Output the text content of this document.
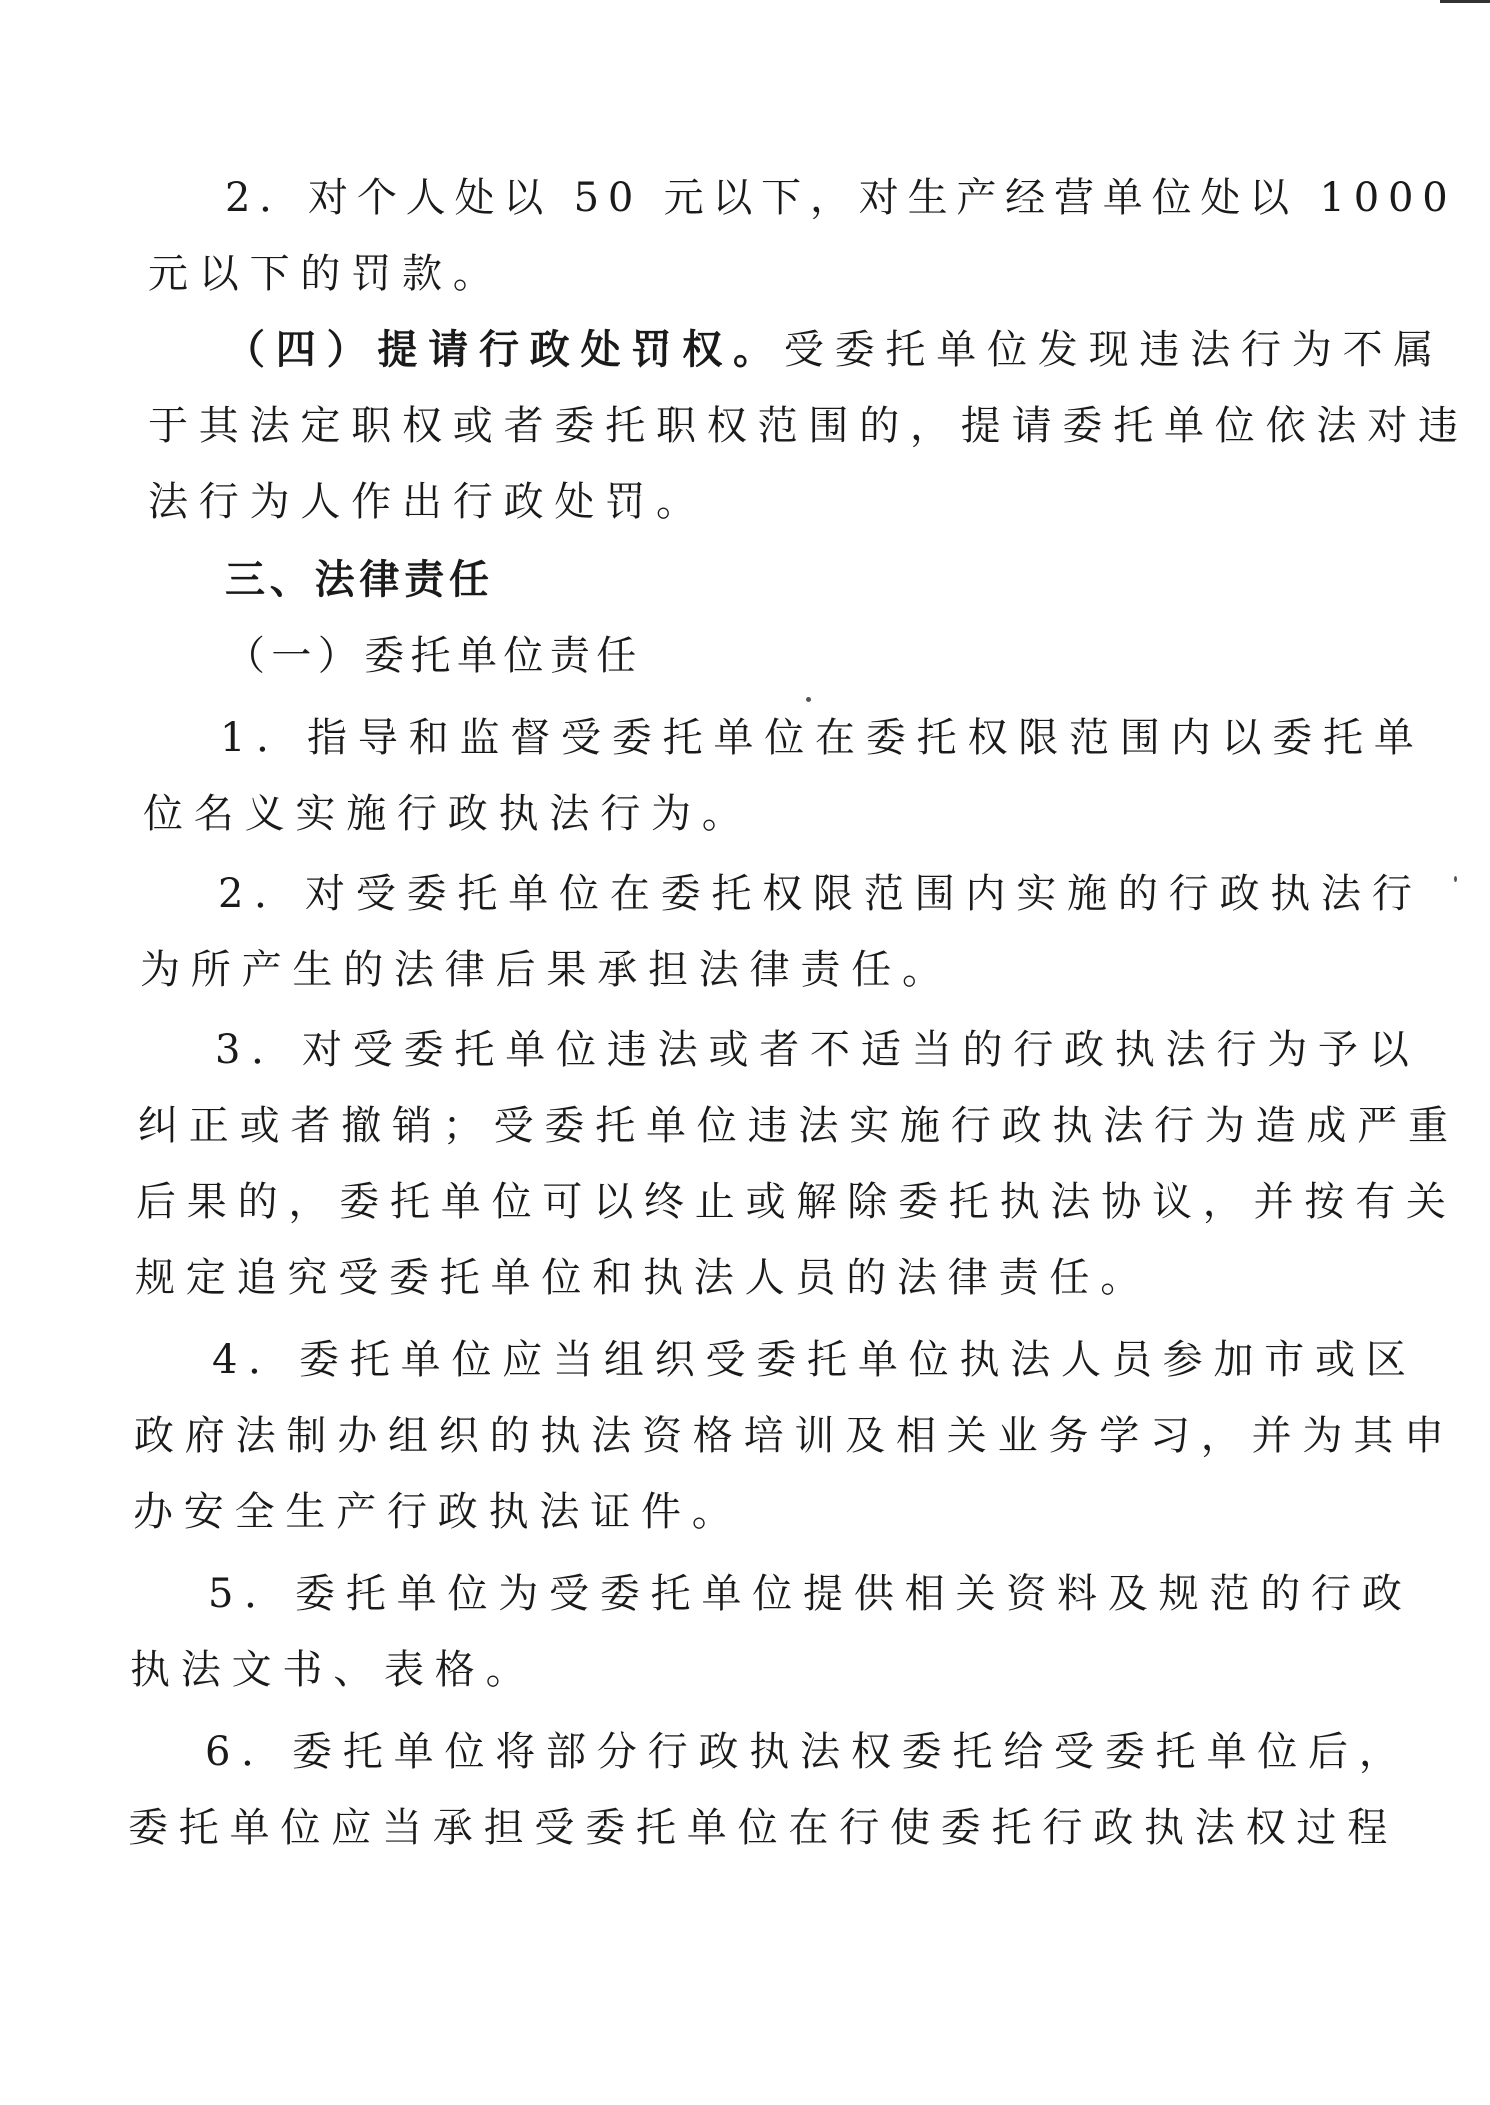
2．对个人处以 50 元以下，对生产经营单位处以 1000
元以下的罚款。
（四）提请行政处罚权。受委托单位发现违法行为不属
于其法定职权或者委托职权范围的，提请委托单位依法对违
法行为人作出行政处罚。
三、法律责任
（一）委托单位责任
1．指导和监督受委托单位在委托权限范围内以委托单
位名义实施行政执法行为。
2．对受委托单位在委托权限范围内实施的行政执法行
为所产生的法律后果承担法律责任。
3．对受委托单位违法或者不适当的行政执法行为予以
纠正或者撤销；受委托单位违法实施行政执法行为造成严重
后果的，委托单位可以终止或解除委托执法协议，并按有关
规定追究受委托单位和执法人员的法律责任。
4．委托单位应当组织受委托单位执法人员参加市或区
政府法制办组织的执法资格培训及相关业务学习，并为其申
办安全生产行政执法证件。
5．委托单位为受委托单位提供相关资料及规范的行政
执法文书、表格。
6．委托单位将部分行政执法权委托给受委托单位后，
委托单位应当承担受委托单位在行使委托行政执法权过程
